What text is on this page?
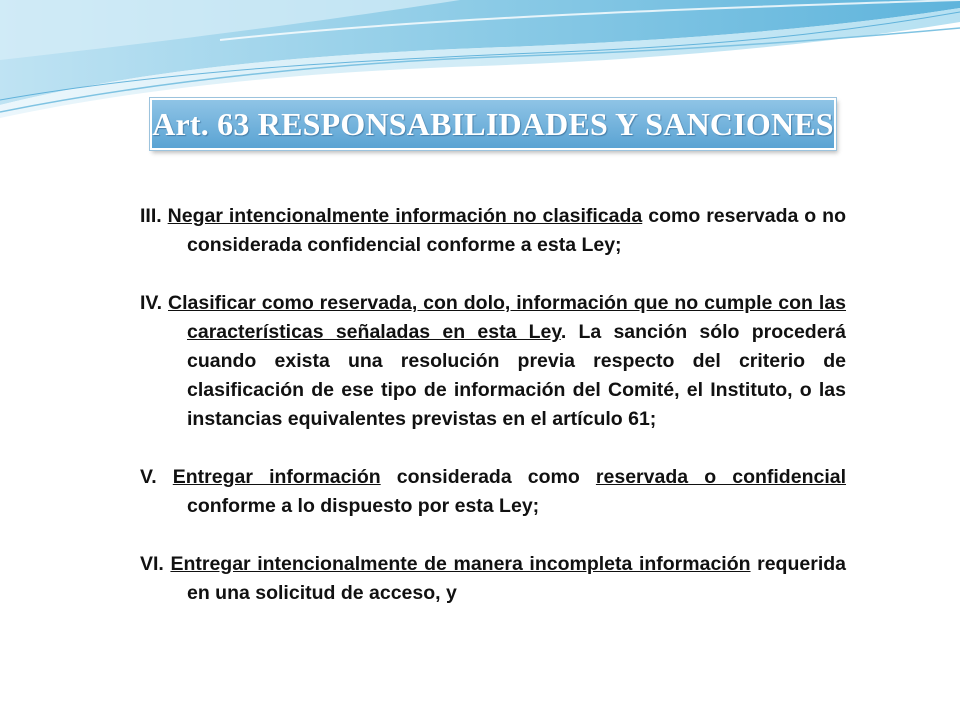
Art. 63 RESPONSABILIDADES Y SANCIONES

III. Negar intencionalmente información no clasificada como reservada o no considerada confidencial conforme a esta Ley;

IV. Clasificar como reservada, con dolo, información que no cumple con las características señaladas en esta Ley. La sanción sólo procederá cuando exista una resolución previa respecto del criterio de clasificación de ese tipo de información del Comité, el Instituto, o las instancias equivalentes previstas en el artículo 61;

V. Entregar información considerada como reservada o confidencial conforme a lo dispuesto por esta Ley;

VI. Entregar intencionalmente de manera incompleta información requerida en una solicitud de acceso, y
